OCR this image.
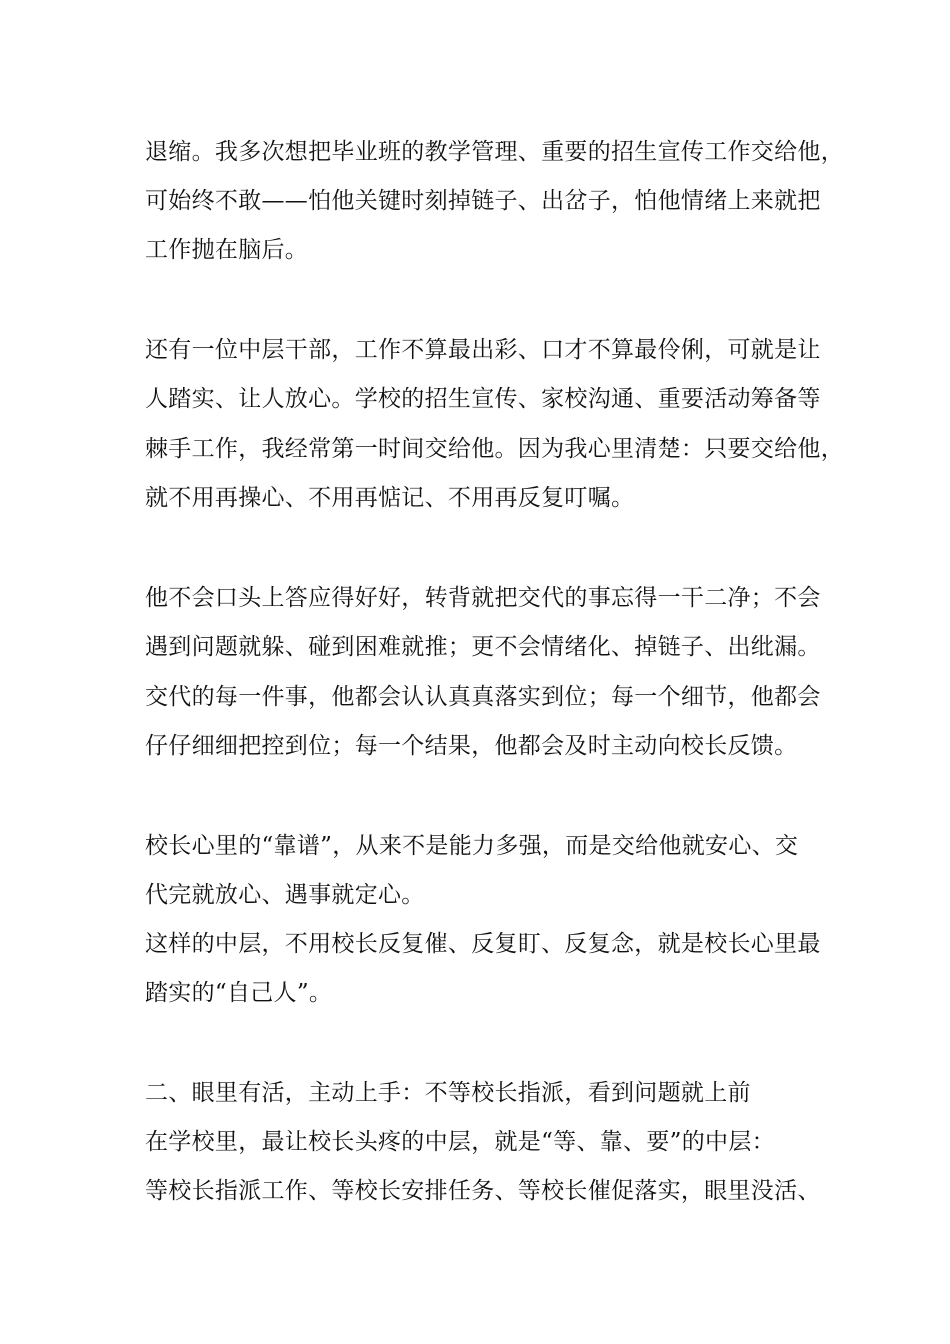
退缩。我多次想把毕业班的教学管理、重要的招生宣传工作交给他，
可始终不敢——怕他关键时刻掉链子、出岔子，怕他情绪上来就把
工作抛在脑后。
还有一位中层干部，工作不算最出彩、口才不算最伶俐，可就是让
人踏实、让人放心。学校的招生宣传、家校沟通、重要活动筹备等
棘手工作，我经常第一时间交给他。因为我心里清楚：只要交给他，
就不用再操心、不用再惦记、不用再反复叮嘱。
他不会口头上答应得好好，转背就把交代的事忘得一干二净；不会
遇到问题就躲、碰到困难就推；更不会情绪化、掉链子、出纰漏。
交代的每一件事，他都会认认真真落实到位；每一个细节，他都会
仔仔细细把控到位；每一个结果，他都会及时主动向校长反馈。
校长心里的“靠谱”，从来不是能力多强，而是交给他就安心、交
代完就放心、遇事就定心。
这样的中层，不用校长反复催、反复盯、反复念，就是校长心里最
踏实的“自己人”。
二、眼里有活，主动上手：不等校长指派，看到问题就上前
在学校里，最让校长头疼的中层，就是“等、靠、要”的中层：
等校长指派工作、等校长安排任务、等校长催促落实，眼里没活、
